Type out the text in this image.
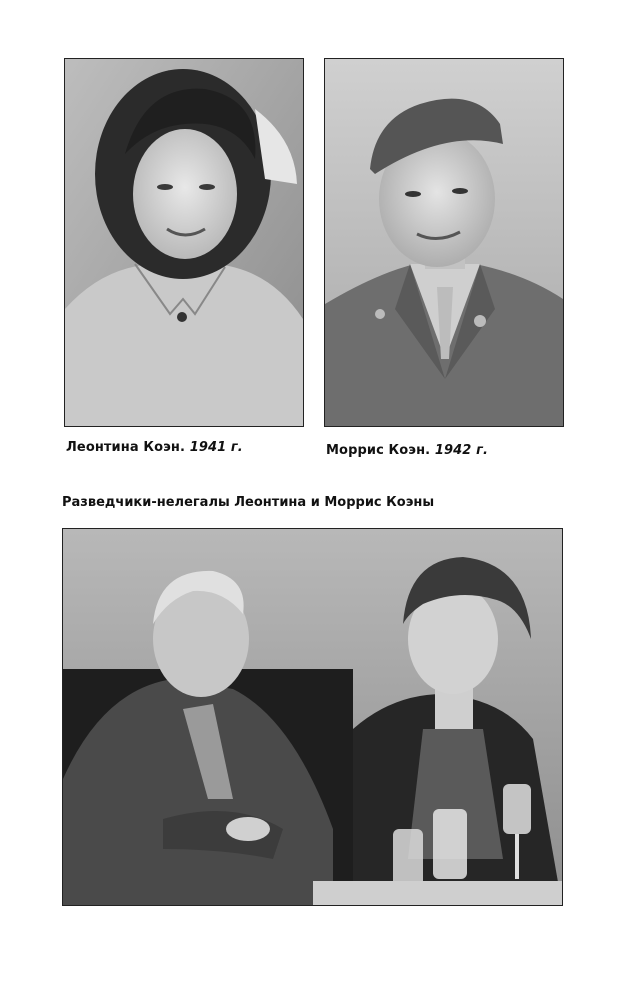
Леонтина Коэн. 1941 г.	Моррис Коэн. 1942 г.
Разведчики-нелегалы Леонтина и Моррис Коэны
